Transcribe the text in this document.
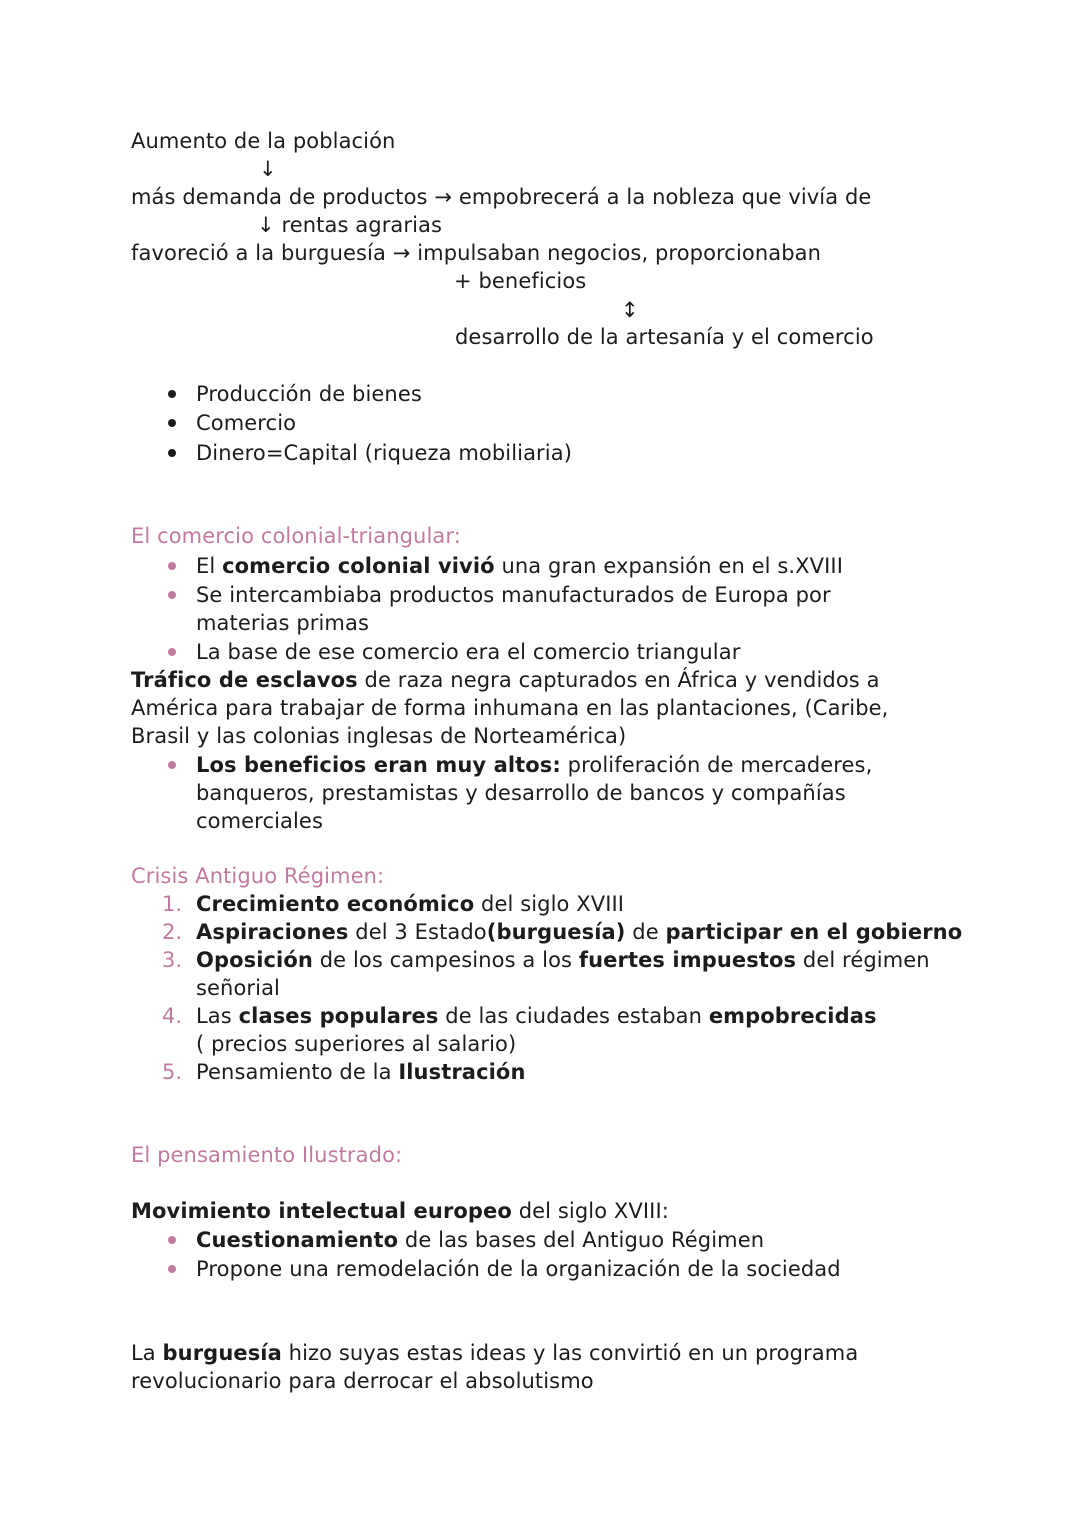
Aumento de la población
↓
más demanda de productos → empobrecerá a la nobleza que vivía de
↓ rentas agrarias
favoreció a la burguesía → impulsaban negocios, proporcionaban
+ beneficios
↕
desarrollo de la artesanía y el comercio
Producción de bienes
Comercio
Dinero=Capital (riqueza mobiliaria)
El comercio colonial-triangular:
El comercio colonial vivió una gran expansión en el s.XVIII
Se intercambiaba productos manufacturados de Europa por
materias primas
La base de ese comercio era el comercio triangular
Tráfico de esclavos de raza negra capturados en África y vendidos a
América para trabajar de forma inhumana en las plantaciones, (Caribe,
Brasil y las colonias inglesas de Norteamérica)
Los beneficios eran muy altos: proliferación de mercaderes,
banqueros, prestamistas y desarrollo de bancos y compañías
comerciales
Crisis Antiguo Régimen:
1. Crecimiento económico del siglo XVIII
2. Aspiraciones del 3 Estado(burguesía) de participar en el gobierno
3. Oposición de los campesinos a los fuertes impuestos del régimen
señorial
4. Las clases populares de las ciudades estaban empobrecidas
( precios superiores al salario)
5. Pensamiento de la Ilustración
El pensamiento Ilustrado:
Movimiento intelectual europeo del siglo XVIII:
Cuestionamiento de las bases del Antiguo Régimen
Propone una remodelación de la organización de la sociedad
La burguesía hizo suyas estas ideas y las convirtió en un programa
revolucionario para derrocar el absolutismo
